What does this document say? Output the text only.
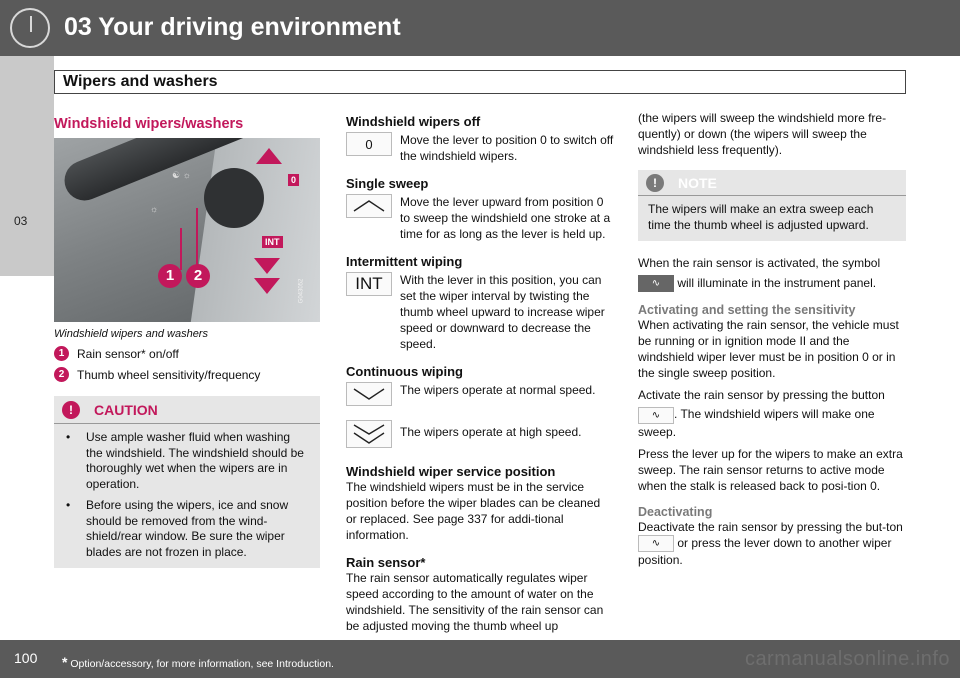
03 Your driving environment
03
Wipers and washers
Windshield wipers/washers
☯ ☼
☼
1	2
0
INT
G043052
Windshield wipers and washers
1	Rain sensor* on/off
2	Thumb wheel sensitivity/frequency
!	CAUTION
•	Use ample washer fluid when washing the windshield. The windshield should be thoroughly wet when the wipers are in operation.
•	Before using the wipers, ice and snow should be removed from the wind-shield/rear window. Be sure the wiper blades are not frozen in place.
Windshield wipers off
0	Move the lever to position 0 to switch off the windshield wipers.
Single sweep
Move the lever upward from position 0 to sweep the windshield one stroke at a time for as long as the lever is held up.
Intermittent wiping
INT	With the lever in this position, you can set the wiper interval by twisting the thumb wheel upward to increase wiper speed or downward to decrease the speed.
Continuous wiping
The wipers operate at normal speed.
The wipers operate at high speed.
Windshield wiper service position
The windshield wipers must be in the service position before the wiper blades can be cleaned or replaced. See page 337 for addi-tional information.
Rain sensor*
The rain sensor automatically regulates wiper speed according to the amount of water on the windshield. The sensitivity of the rain sensor can be adjusted moving the thumb wheel up
(the wipers will sweep the windshield more fre-quently) or down (the wipers will sweep the windshield less frequently).
!	NOTE
The wipers will make an extra sweep each time the thumb wheel is adjusted upward.
When the rain sensor is activated, the symbol
∿ will illuminate in the instrument panel.
Activating and setting the sensitivity
When activating the rain sensor, the vehicle must be running or in ignition mode II and the windshield wiper lever must be in position 0 or in the single sweep position.
Activate the rain sensor by pressing the button
∿ . The windshield wipers will make one sweep.
Press the lever up for the wipers to make an extra sweep. The rain sensor returns to active mode when the stalk is released back to posi-tion 0.
Deactivating
Deactivate the rain sensor by pressing the but-ton ∿ or press the lever down to another wiper position.
100 * Option/accessory, for more information, see Introduction.	carmanualsonline.info
